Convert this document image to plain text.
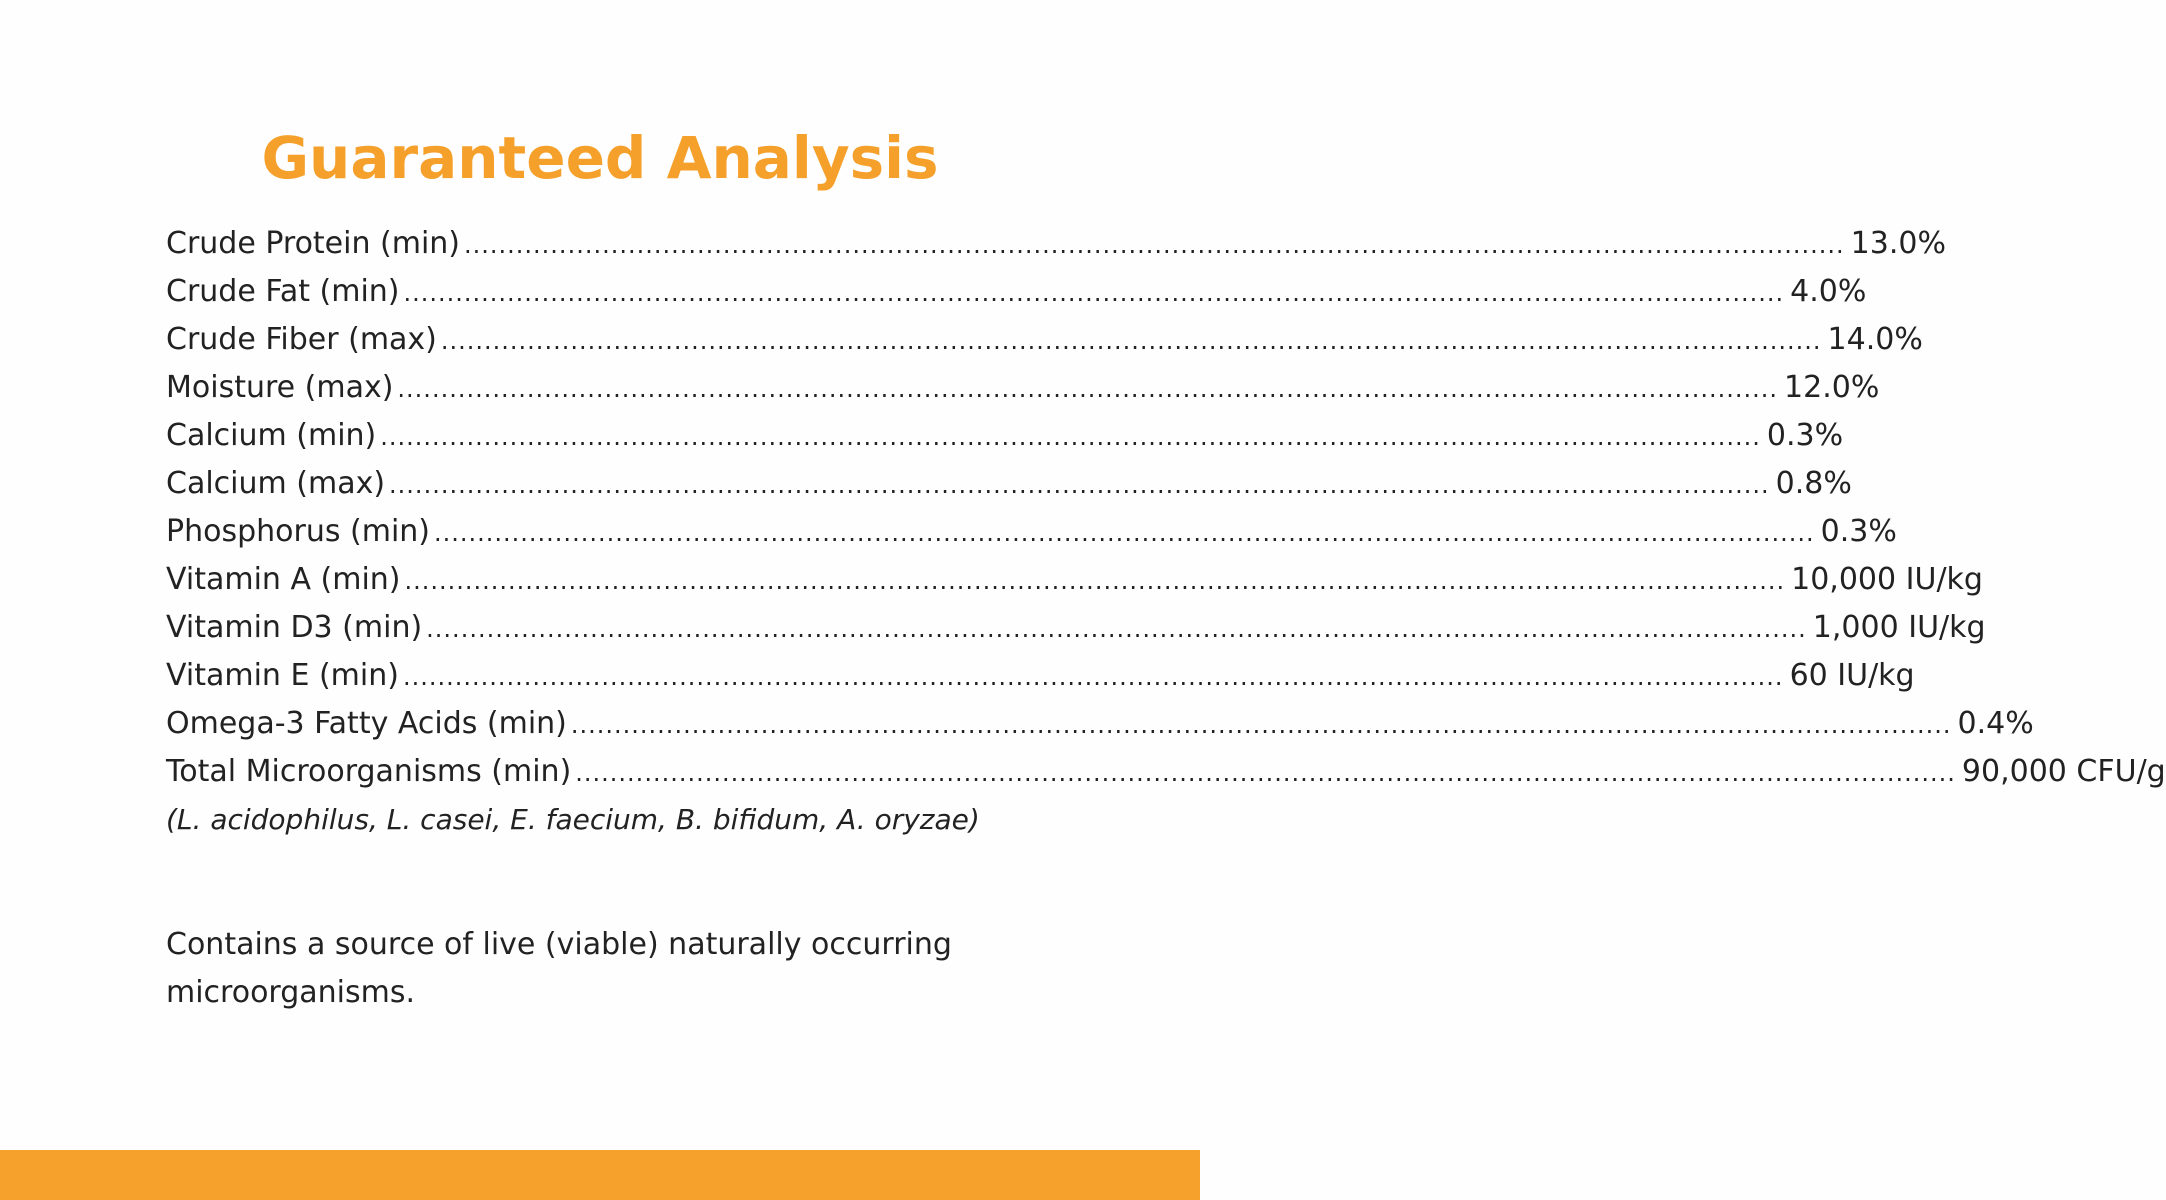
Guaranteed Analysis
Crude Protein (min) ................................................................................................................................................................ 13.0%
Crude Fat (min) ................................................................................................................................................................ 4.0%
Crude Fiber (max) ................................................................................................................................................................ 14.0%
Moisture (max) ................................................................................................................................................................ 12.0%
Calcium (min) ................................................................................................................................................................ 0.3%
Calcium (max) ................................................................................................................................................................ 0.8%
Phosphorus (min) ................................................................................................................................................................ 0.3%
Vitamin A (min) ................................................................................................................................................................ 10,000 IU/kg
Vitamin D3 (min) ................................................................................................................................................................ 1,000 IU/kg
Vitamin E (min) ................................................................................................................................................................ 60 IU/kg
Omega-3 Fatty Acids (min) ................................................................................................................................................................ 0.4%
Total Microorganisms (min) ................................................................................................................................................................ 90,000 CFU/g
(L. acidophilus, L. casei, E. faecium, B. bifidum, A. oryzae)

Contains a source of live (viable) naturally occurring microorganisms.
